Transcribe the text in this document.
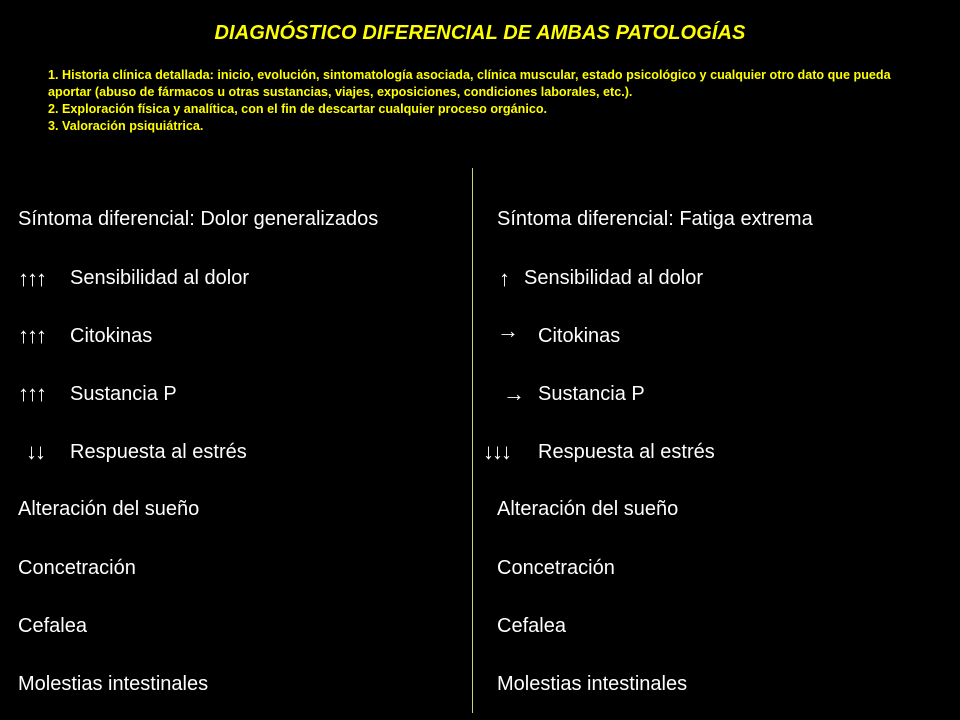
DIAGNÓSTICO DIFERENCIAL DE AMBAS PATOLOGÍAS

1. Historia clínica detallada: inicio, evolución, sintomatología asociada, clínica muscular, estado psicológico y cualquier otro dato que pueda aportar (abuso de fármacos u otras sustancias, viajes, exposiciones, condiciones laborales, etc.).

2. Exploración física y analítica, con el fin de descartar cualquier proceso orgánico.

3. Valoración psiquiátrica.

Síntoma diferencial: Dolor generalizados
↑↑↑ Sensibilidad al dolor
↑↑↑ Citokinas
↑↑↑ Sustancia P
↓↓ Respuesta al estrés
Alteración del sueño
Concetración
Cefalea
Molestias intestinales
Síntoma diferencial: Fatiga extrema
↑ Sensibilidad al dolor
→ Citokinas
→ Sustancia P
↓↓↓ Respuesta al estrés
Alteración del sueño
Concetración
Cefalea
Molestias intestinales
